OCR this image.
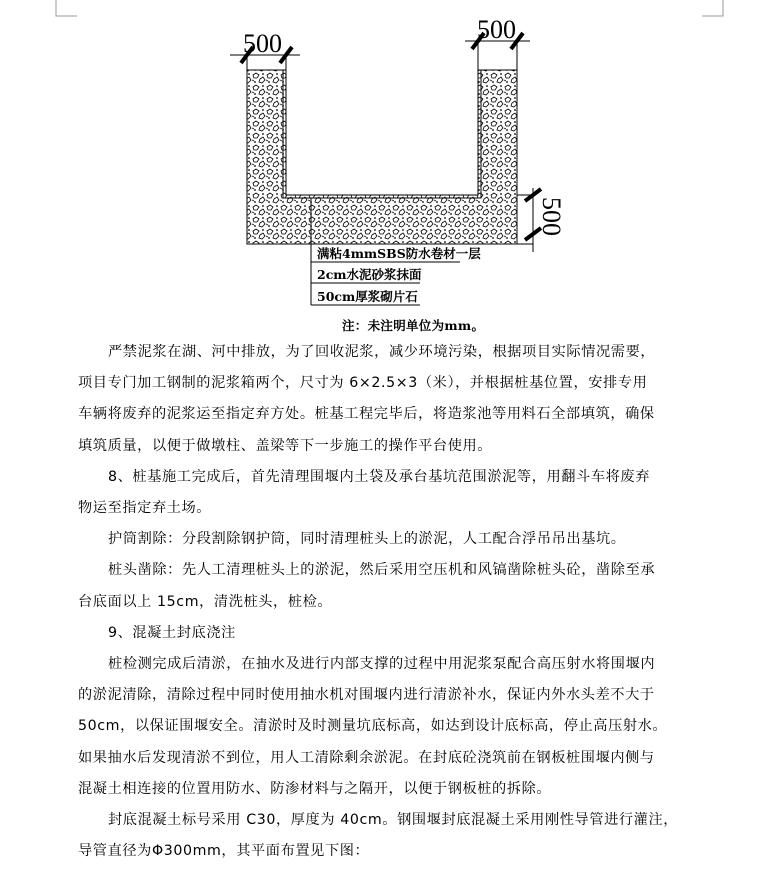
500	500
500
满粘4mmSBS防水卷材一层
2cm水泥砂浆抹面
50cm厚浆砌片石
注：未注明单位为mm。

严禁泥浆在湖、河中排放，为了回收泥浆，减少环境污染，根据项目实际情况需要，

项目专门加工钢制的泥浆箱两个，尺寸为 6×2.5×3（米），并根据桩基位置，安排专用

车辆将废弃的泥浆运至指定弃方处。桩基工程完毕后，将造浆池等用料石全部填筑，确保

填筑质量，以便于做墩柱、盖梁等下一步施工的操作平台使用。

8、桩基施工完成后，首先清理围堰内土袋及承台基坑范围淤泥等，用翻斗车将废弃

物运至指定弃土场。

护筒割除：分段割除钢护筒，同时清理桩头上的淤泥，人工配合浮吊吊出基坑。

桩头凿除：先人工清理桩头上的淤泥，然后采用空压机和风镐凿除桩头砼，凿除至承

台底面以上 15cm，清洗桩头，桩检。

9、混凝土封底浇注

桩检测完成后清淤，在抽水及进行内部支撑的过程中用泥浆泵配合高压射水将围堰内

的淤泥清除，清除过程中同时使用抽水机对围堰内进行清淤补水，保证内外水头差不大于

50cm，以保证围堰安全。清淤时及时测量坑底标高，如达到设计底标高，停止高压射水。

如果抽水后发现清淤不到位，用人工清除剩余淤泥。在封底砼浇筑前在钢板桩围堰内侧与

混凝土相连接的位置用防水、防渗材料与之隔开，以便于钢板桩的拆除。

封底混凝土标号采用 C30，厚度为 40cm。钢围堰封底混凝土采用刚性导管进行灌注，

导管直径为Φ300mm，其平面布置见下图：
